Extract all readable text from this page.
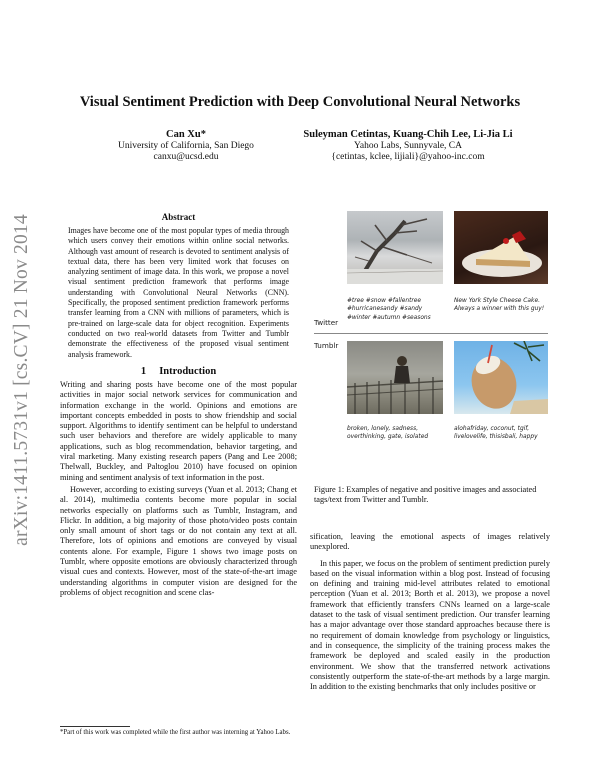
arXiv:1411.5731v1 [cs.CV] 21 Nov 2014
Visual Sentiment Prediction with Deep Convolutional Neural Networks
Can Xu*
University of California, San Diego
canxu@ucsd.edu
Suleyman Cetintas, Kuang-Chih Lee, Li-Jia Li
Yahoo Labs, Sunnyvale, CA
{cetintas, kclee, lijiali}@yahoo-inc.com
Abstract
Images have become one of the most popular types of media through which users convey their emotions within online social networks. Although vast amount of research is devoted to sentiment analysis of textual data, there has been very limited work that focuses on analyzing sentiment of image data. In this work, we propose a novel visual sentiment prediction framework that performs image understanding with Convolutional Neural Networks (CNN). Specifically, the proposed sentiment prediction framework performs transfer learning from a CNN with millions of parameters, which is pre-trained on large-scale data for object recognition. Experiments conducted on two real-world datasets from Twitter and Tumblr demonstrate the effectiveness of the proposed visual sentiment analysis framework.
1     Introduction

Writing and sharing posts have become one of the most popular activities in major social network services for communication and information exchange in the world. Opinions and emotions are important concepts embedded in posts to show friendship and social support. Algorithms to identify sentiment can be helpful to understand such user behaviors and therefore are widely applicable to many applications, such as blog recommendation, behavior targeting, and viral marketing. Many existing research papers (Pang and Lee 2008; Thelwall, Buckley, and Paltoglou 2010) have focused on opinion mining and sentiment analysis of text information in the post.

However, according to existing surveys (Yuan et al. 2013; Chang et al. 2014), multimedia contents become more popular in social networks especially on platforms such as Tumblr, Instagram, and Flickr. In addition, a big majority of those photo/video posts contain only small amount of short tags or do not contain any text at all. Therefore, lots of opinions and emotions are conveyed by visual contents alone. For example, Figure 1 shows two image posts on Tumblr, where opposite emotions are obviously characterized through visual cues and contexts. However, most of the state-of-the-art image understanding algorithms in computer vision are designed for the problems of object recognition and scene clas-

*Part of this work was completed while the first author was interning at Yahoo Labs.
#tree #snow #fallentree #hurricanesandy #sandy #winter #autumn #seasons
New York Style Cheese Cake. Always a winner with this guy!
Twitter
Tumblr
broken, lonely, sadness, overthinking, gate, isolated
alohafriday, coconut, tgif, livelovelife, thisisbali, happy
Figure 1: Examples of negative and positive images and associated tags/text from Twitter and Tumblr.

sification, leaving the emotional aspects of images relatively unexplored.

In this paper, we focus on the problem of sentiment prediction purely based on the visual information within a blog post. Instead of focusing on defining and training mid-level attributes related to emotional perception (Yuan et al. 2013; Borth et al. 2013), we propose a novel framework that efficiently transfers CNNs learned on a large-scale dataset to the task of visual sentiment prediction. Our transfer learning has a major advantage over those standard approaches because there is no requirement of domain knowledge from psychology or linguistics, and in consequence, the simplicity of the training process makes the framework be deployed and scaled easily in the production environment. We show that the transferred network activations consistently outperform the state-of-the-art methods by a large margin. In addition to the existing benchmarks that only includes positive or
